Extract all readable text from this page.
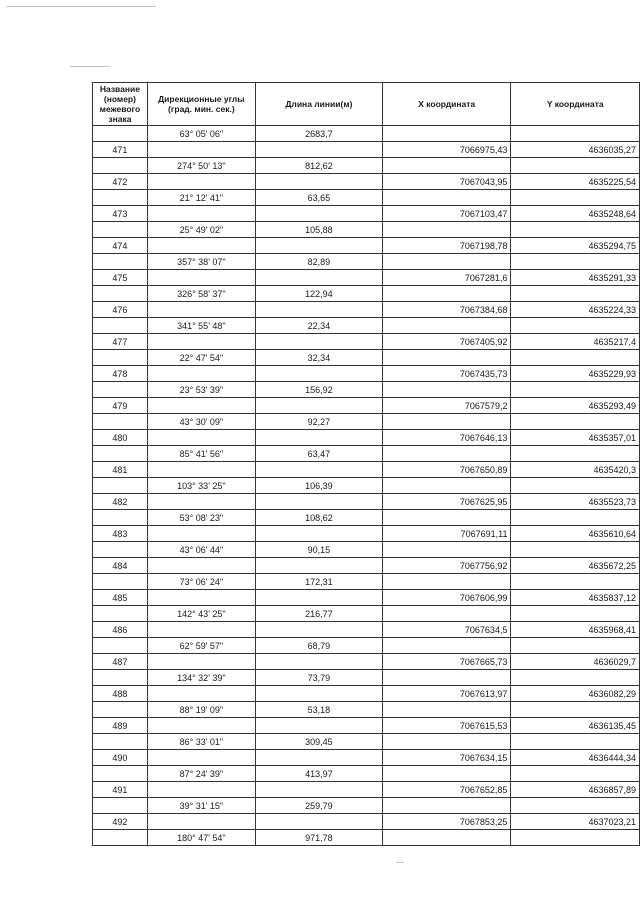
Название (номер) межевого знака	Дирекционные углы (град. мин. сек.)	Длина линии(м)	X координата	Y координата
	63° 05' 06"	2683,7		
471			7066975,43	4636035,27
	274° 50' 13"	812,62		
472			7067043,95	4635225,54
	21° 12' 41"	63,65		
473			7067103,47	4635248,64
	25° 49' 02"	105,88		
474			7067198,78	4635294,75
	357° 38' 07"	82,89		
475			7067281,6	4635291,33
	326° 58' 37"	122,94		
476			7067384,68	4635224,33
	341° 55' 48"	22,34		
477			7067405,92	4635217,4
	22° 47' 54"	32,34		
478			7067435,73	4635229,93
	23° 53' 39"	156,92		
479			7067579,2	4635293,49
	43° 30' 09"	92,27		
480			7067646,13	4635357,01
	85° 41' 56"	63,47		
481			7067650,89	4635420,3
	103° 33' 25"	106,39		
482			7067625,95	4635523,73
	53° 08' 23"	108,62		
483			7067691,11	4635610,64
	43° 06' 44"	90,15		
484			7067756,92	4635672,25
	73° 06' 24"	172,31		
485			7067606,99	4635837,12
	142° 43' 25"	216,77		
486			7067634,5	4635968,41
	62° 59' 57"	68,79		
487			7067665,73	4636029,7
	134° 32' 39"	73,79		
488			7067613,97	4636082,29
	88° 19' 09"	53,18		
489			7067615,53	4636135,45
	86° 33' 01"	309,45		
490			7067634,15	4636444,34
	87° 24' 39"	413,97		
491			7067652,85	4636857,89
	39° 31' 15"	259,79		
492			7067853,25	4637023,21
	180° 47' 54"	971,78		
